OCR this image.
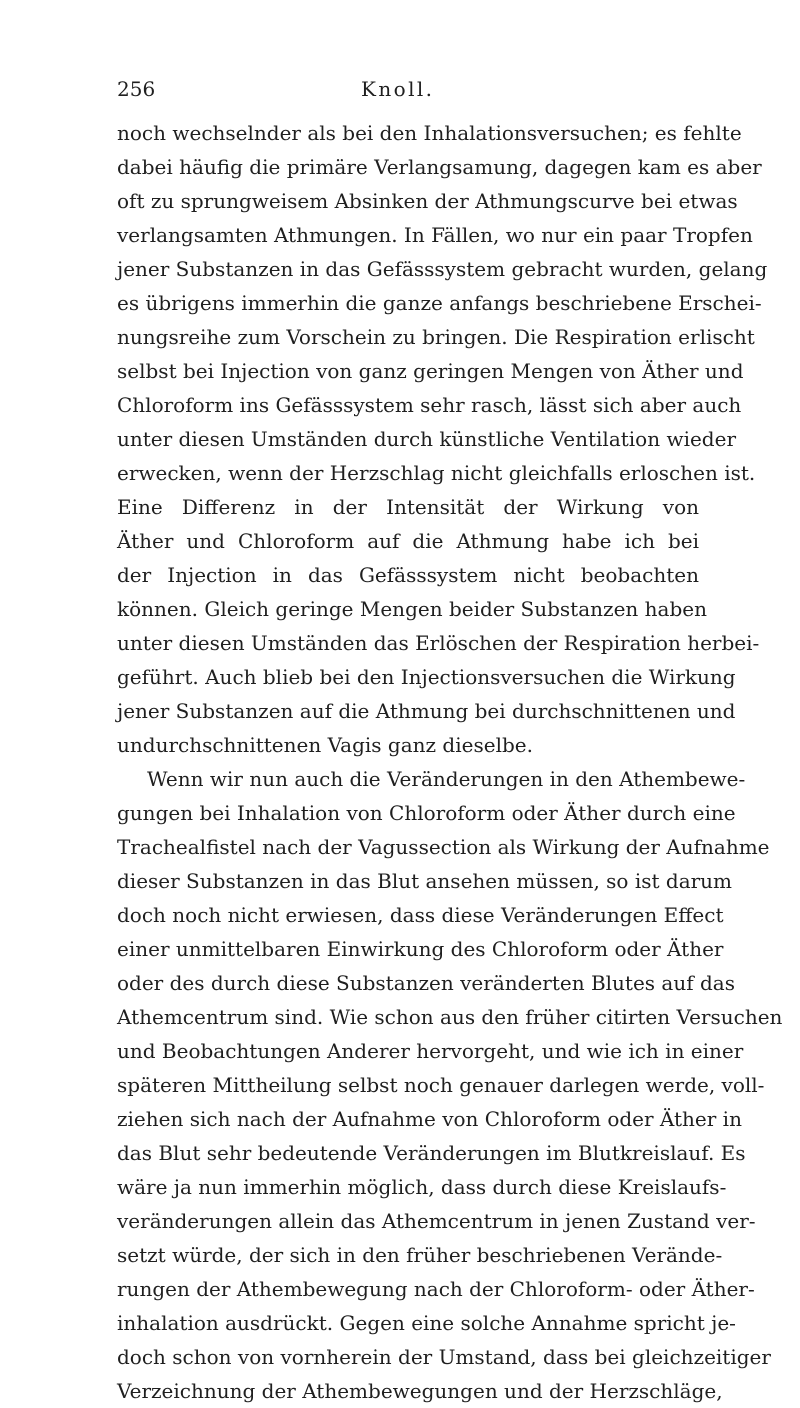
256	Knoll.
noch wechselnder als bei den Inhalationsversuchen; es fehlte
dabei häufig die primäre Verlangsamung, dagegen kam es aber
oft zu sprungweisem Absinken der Athmungscurve bei etwas
verlangsamten Athmungen. In Fällen, wo nur ein paar Tropfen
jener Substanzen in das Gefässsystem gebracht wurden, gelang
es übrigens immerhin die ganze anfangs beschriebene Erschei-
nungsreihe zum Vorschein zu bringen. Die Respiration erlischt
selbst bei Injection von ganz geringen Mengen von Äther und
Chloroform ins Gefässsystem sehr rasch, lässt sich aber auch
unter diesen Umständen durch künstliche Ventilation wieder
erwecken, wenn der Herzschlag nicht gleichfalls erloschen ist.
Eine Differenz in der Intensität der Wirkung von
Äther und Chloroform auf die Athmung habe ich bei
der Injection in das Gefässsystem nicht beobachten
können. Gleich geringe Mengen beider Substanzen haben
unter diesen Umständen das Erlöschen der Respiration herbei-
geführt. Auch blieb bei den Injectionsversuchen die Wirkung
jener Substanzen auf die Athmung bei durchschnittenen und
undurchschnittenen Vagis ganz dieselbe.
Wenn wir nun auch die Veränderungen in den Athembewe-
gungen bei Inhalation von Chloroform oder Äther durch eine
Trachealfistel nach der Vagussection als Wirkung der Aufnahme
dieser Substanzen in das Blut ansehen müssen, so ist darum
doch noch nicht erwiesen, dass diese Veränderungen Effect
einer unmittelbaren Einwirkung des Chloroform oder Äther
oder des durch diese Substanzen veränderten Blutes auf das
Athemcentrum sind. Wie schon aus den früher citirten Versuchen
und Beobachtungen Anderer hervorgeht, und wie ich in einer
späteren Mittheilung selbst noch genauer darlegen werde, voll-
ziehen sich nach der Aufnahme von Chloroform oder Äther in
das Blut sehr bedeutende Veränderungen im Blutkreislauf. Es
wäre ja nun immerhin möglich, dass durch diese Kreislaufs-
veränderungen allein das Athemcentrum in jenen Zustand ver-
setzt würde, der sich in den früher beschriebenen Verände-
rungen der Athembewegung nach der Chloroform- oder Äther-
inhalation ausdrückt. Gegen eine solche Annahme spricht je-
doch schon von vornherein der Umstand, dass bei gleichzeitiger
Verzeichnung der Athembewegungen und der Herzschläge,
